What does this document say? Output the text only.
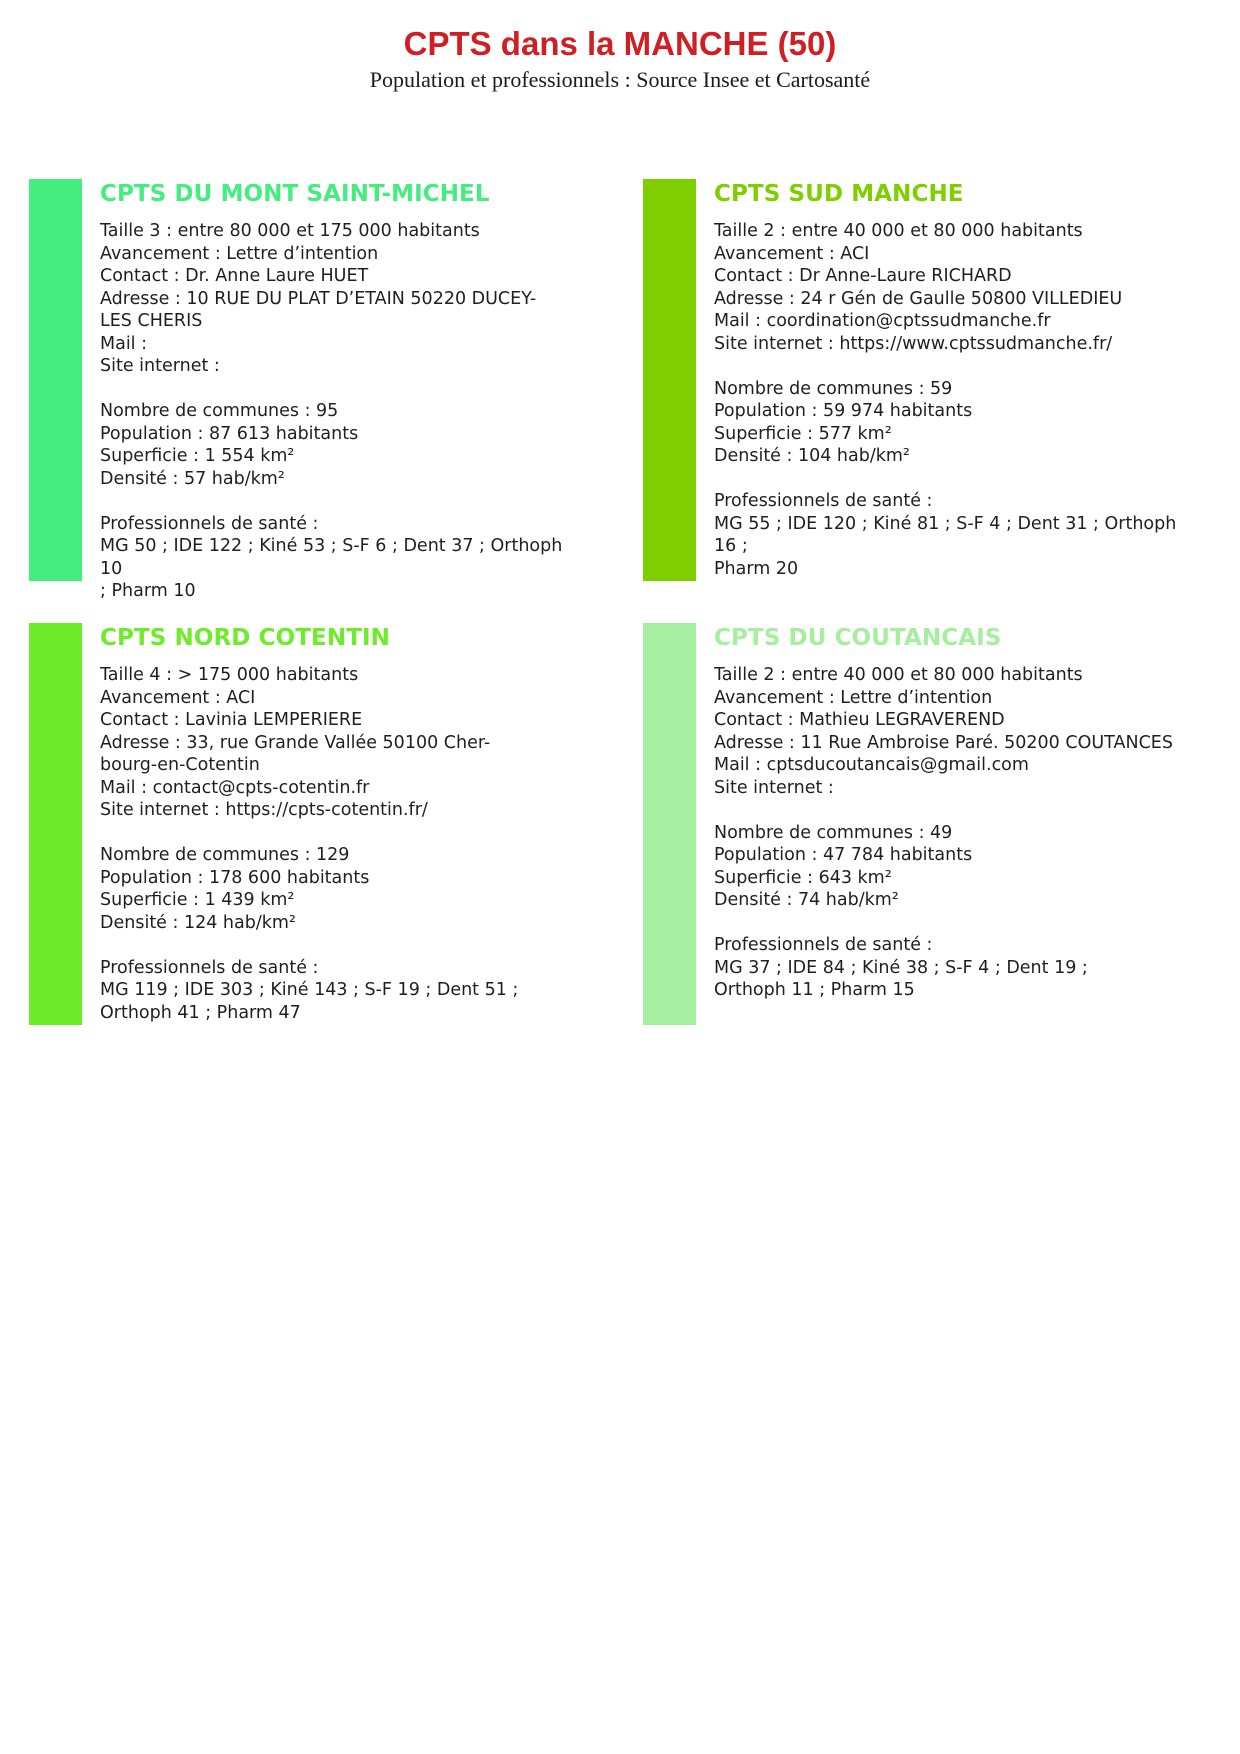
CPTS dans la MANCHE (50)

Population et professionnels : Source Insee et Cartosanté

CPTS DU MONT SAINT-MICHEL
Taille 3 : entre 80 000 et 175 000 habitants
Avancement : Lettre d’intention
Contact : Dr. Anne Laure HUET
Adresse : 10 RUE DU PLAT D’ETAIN 50220 DUCEY-
LES CHERIS
Mail :
Site internet :
Nombre de communes : 95
Population : 87 613 habitants
Superficie : 1 554 km²
Densité : 57 hab/km²
Professionnels de santé :
MG 50 ; IDE 122 ; Kiné 53 ; S-F 6 ; Dent 37 ; Orthoph 10
; Pharm 10
CPTS SUD MANCHE
Taille 2 : entre 40 000 et 80 000 habitants
Avancement : ACI
Contact : Dr Anne-Laure RICHARD
Adresse : 24 r Gén de Gaulle 50800 VILLEDIEU
Mail : coordination@cptssudmanche.fr
Site internet : https://www.cptssudmanche.fr/
Nombre de communes : 59
Population : 59 974 habitants
Superficie : 577 km²
Densité : 104 hab/km²
Professionnels de santé :
MG 55 ; IDE 120 ; Kiné 81 ; S-F 4 ; Dent 31 ; Orthoph 16 ;
Pharm 20
CPTS NORD COTENTIN
Taille 4 : > 175 000 habitants
Avancement : ACI
Contact : Lavinia LEMPERIERE
Adresse : 33, rue Grande Vallée 50100 Cher-
bourg-en-Cotentin
Mail : contact@cpts-cotentin.fr
Site internet : https://cpts-cotentin.fr/
Nombre de communes : 129
Population : 178 600 habitants
Superficie : 1 439 km²
Densité : 124 hab/km²
Professionnels de santé :
MG 119 ; IDE 303 ; Kiné 143 ; S-F 19 ; Dent 51 ;
Orthoph 41 ; Pharm 47
CPTS DU COUTANCAIS
Taille 2 : entre 40 000 et 80 000 habitants
Avancement : Lettre d’intention
Contact : Mathieu LEGRAVEREND
Adresse : 11 Rue Ambroise Paré. 50200 COUTANCES
Mail : cptsducoutancais@gmail.com
Site internet :
Nombre de communes : 49
Population : 47 784 habitants
Superficie : 643 km²
Densité : 74 hab/km²
Professionnels de santé :
MG 37 ; IDE 84 ; Kiné 38 ; S-F 4 ; Dent 19 ;
Orthoph 11 ; Pharm 15
